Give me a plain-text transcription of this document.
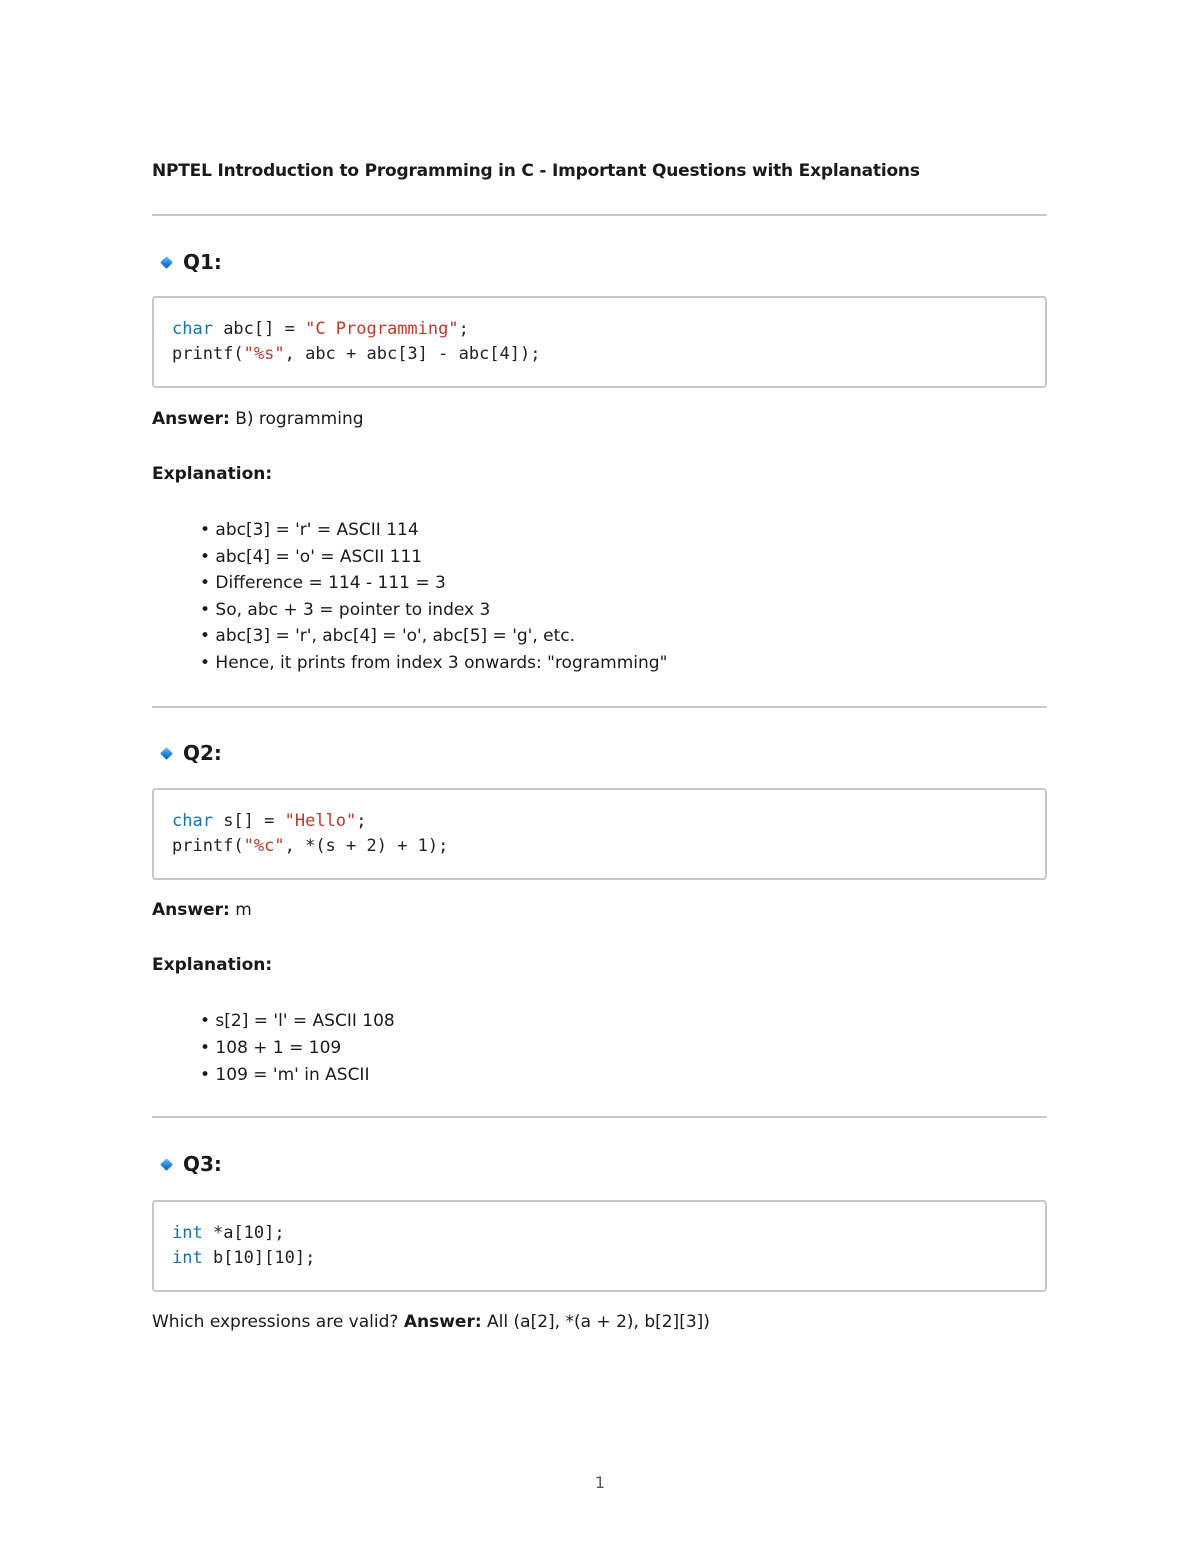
NPTEL Introduction to Programming in C - Important Questions with Explanations
Q1:
char abc[] = "C Programming";
printf("%s", abc + abc[3] - abc[4]);
Answer: B) rogramming
Explanation:
• abc[3] = 'r' = ASCII 114
• abc[4] = 'o' = ASCII 111
• Difference = 114 - 111 = 3
• So, abc + 3 = pointer to index 3
• abc[3] = 'r', abc[4] = 'o', abc[5] = 'g', etc.
• Hence, it prints from index 3 onwards: "rogramming"
Q2:
char s[] = "Hello";
printf("%c", *(s + 2) + 1);
Answer: m
Explanation:
• s[2] = 'l' = ASCII 108
• 108 + 1 = 109
• 109 = 'm' in ASCII
Q3:
int *a[10];
int b[10][10];
Which expressions are valid? Answer: All (a[2], *(a + 2), b[2][3])
1
